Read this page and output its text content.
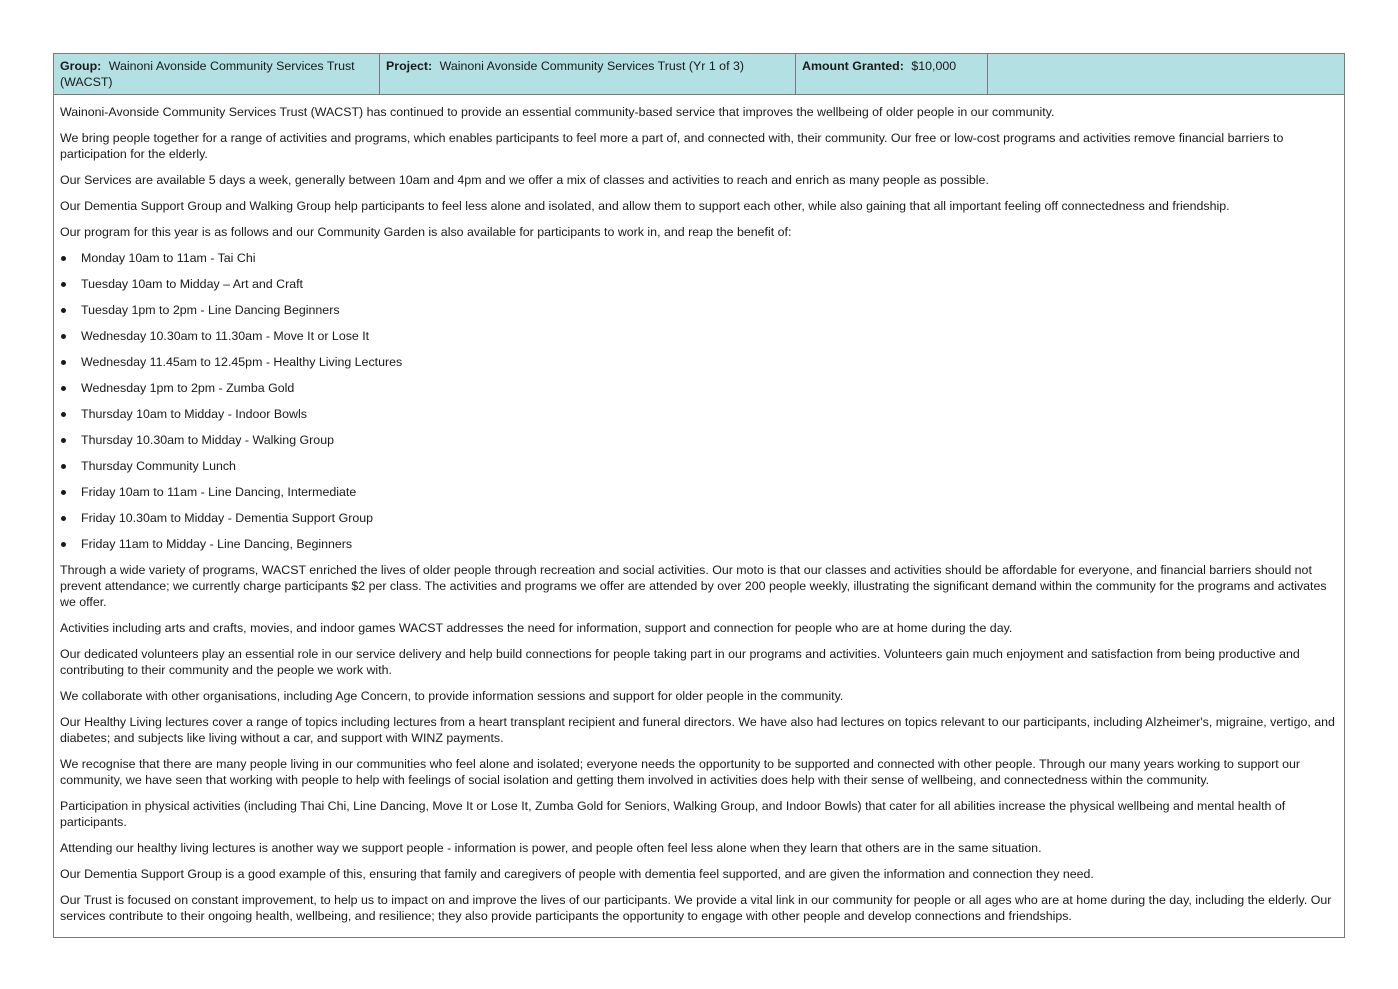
Group: Wainoni Avonside Community Services Trust (WACST)
Project: Wainoni Avonside Community Services Trust (Yr 1 of 3)	Amount Granted: $10,000

Wainoni-Avonside Community Services Trust (WACST) has continued to provide an essential community-based service that improves the wellbeing of older people in our community.

We bring people together for a range of activities and programs, which enables participants to feel more a part of, and connected with, their community. Our free or low-cost programs and activities remove financial barriers to participation for the elderly.

Our Services are available 5 days a week, generally between 10am and 4pm and we offer a mix of classes and activities to reach and enrich as many people as possible.

Our Dementia Support Group and Walking Group help participants to feel less alone and isolated, and allow them to support each other, while also gaining that all important feeling off connectedness and friendship.

Our program for this year is as follows and our Community Garden is also available for participants to work in, and reap the benefit of:

Monday 10am to 11am - Tai Chi
Tuesday 10am to Midday – Art and Craft
Tuesday 1pm to 2pm - Line Dancing Beginners
Wednesday 10.30am to 11.30am - Move It or Lose It
Wednesday 11.45am to 12.45pm - Healthy Living Lectures
Wednesday 1pm to 2pm - Zumba Gold
Thursday 10am to Midday - Indoor Bowls
Thursday 10.30am to Midday - Walking Group
Thursday Community Lunch
Friday 10am to 11am - Line Dancing, Intermediate
Friday 10.30am to Midday - Dementia Support Group
Friday 11am to Midday - Line Dancing, Beginners

Through a wide variety of programs, WACST enriched the lives of older people through recreation and social activities. Our moto is that our classes and activities should be affordable for everyone, and financial barriers should not prevent attendance; we currently charge participants $2 per class. The activities and programs we offer are attended by over 200 people weekly, illustrating the significant demand within the community for the programs and activates we offer.

Activities including arts and crafts, movies, and indoor games WACST addresses the need for information, support and connection for people who are at home during the day.

Our dedicated volunteers play an essential role in our service delivery and help build connections for people taking part in our programs and activities. Volunteers gain much enjoyment and satisfaction from being productive and contributing to their community and the people we work with.

We collaborate with other organisations, including Age Concern, to provide information sessions and support for older people in the community.

Our Healthy Living lectures cover a range of topics including lectures from a heart transplant recipient and funeral directors. We have also had lectures on topics relevant to our participants, including Alzheimer's, migraine, vertigo, and diabetes; and subjects like living without a car, and support with WINZ payments.

We recognise that there are many people living in our communities who feel alone and isolated; everyone needs the opportunity to be supported and connected with other people. Through our many years working to support our community, we have seen that working with people to help with feelings of social isolation and getting them involved in activities does help with their sense of wellbeing, and connectedness within the community.

Participation in physical activities (including Thai Chi, Line Dancing, Move It or Lose It, Zumba Gold for Seniors, Walking Group, and Indoor Bowls) that cater for all abilities increase the physical wellbeing and mental health of participants.

Attending our healthy living lectures is another way we support people - information is power, and people often feel less alone when they learn that others are in the same situation.

Our Dementia Support Group is a good example of this, ensuring that family and caregivers of people with dementia feel supported, and are given the information and connection they need.

Our Trust is focused on constant improvement, to help us to impact on and improve the lives of our participants. We provide a vital link in our community for people or all ages who are at home during the day, including the elderly. Our services contribute to their ongoing health, wellbeing, and resilience; they also provide participants the opportunity to engage with other people and develop connections and friendships.
